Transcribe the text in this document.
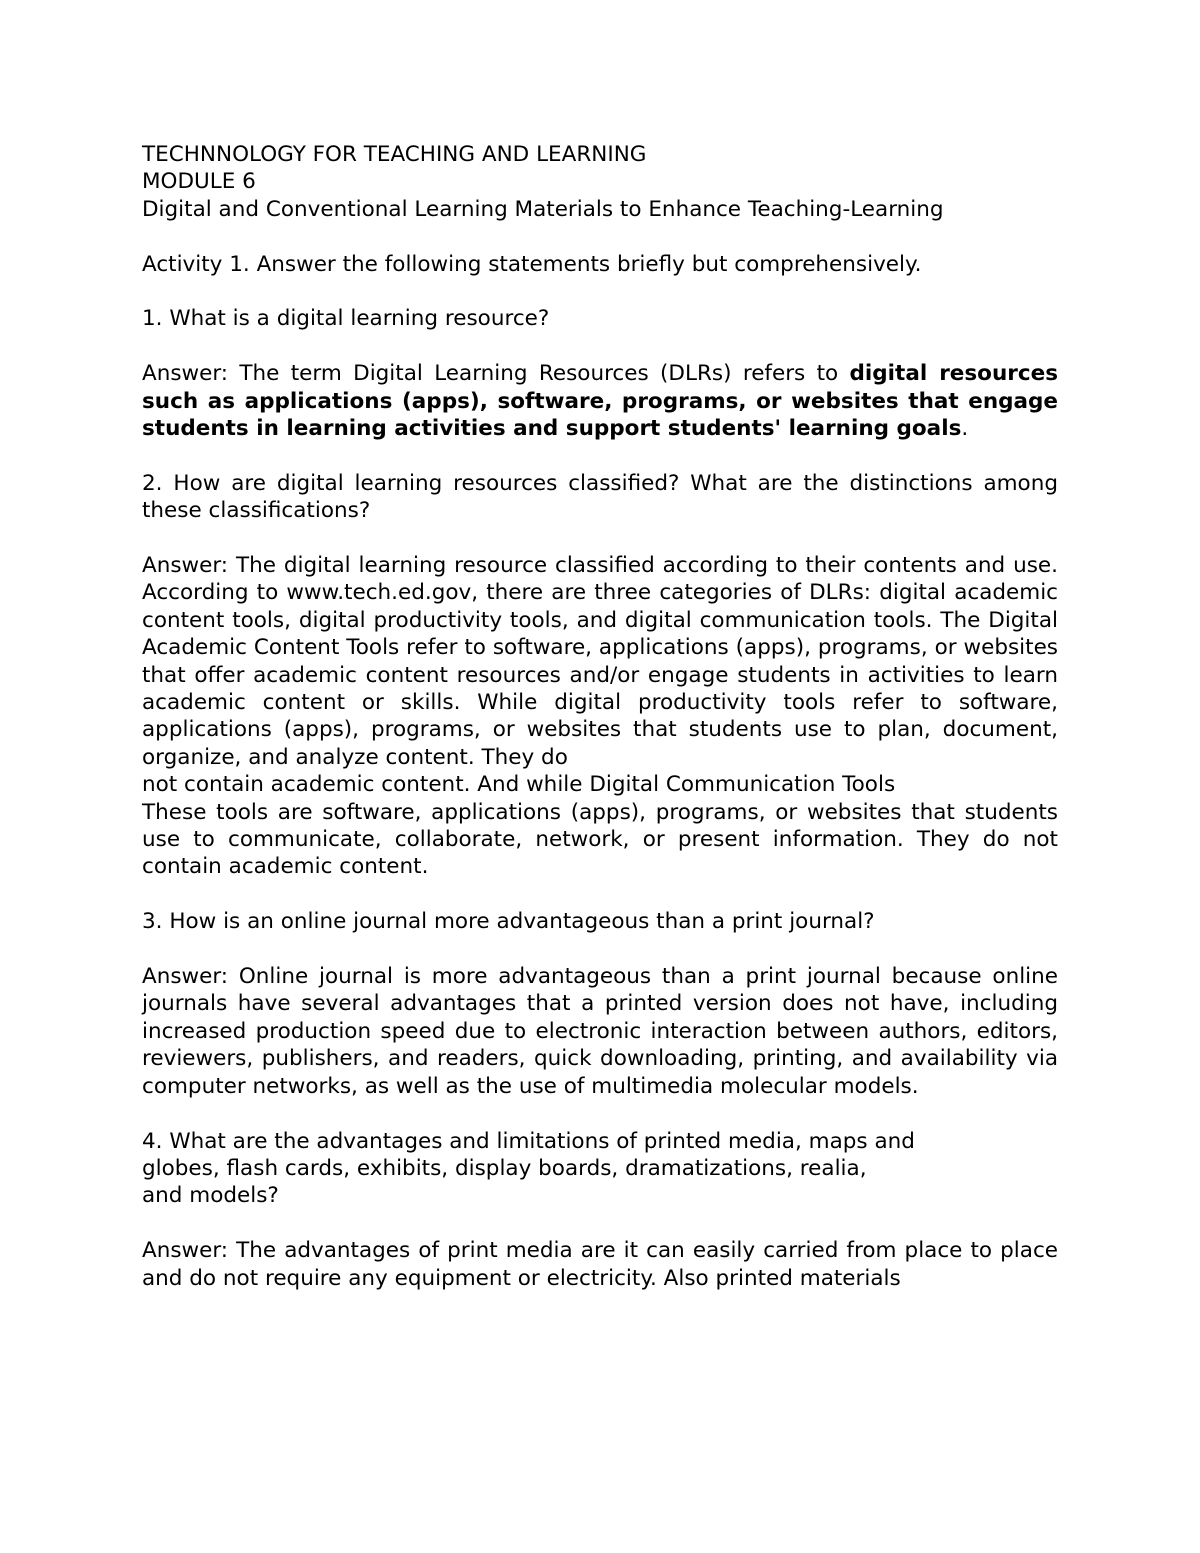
TECHNNOLOGY FOR TEACHING AND LEARNING

MODULE 6

Digital and Conventional Learning Materials to Enhance Teaching-Learning

Activity 1. Answer the following statements briefly but comprehensively.

1. What is a digital learning resource?

Answer: The term Digital Learning Resources (DLRs) refers to digital resources such as applications (apps), software, programs, or websites that engage students in learning activities and support students' learning goals.

2. How are digital learning resources classified? What are the distinctions among these classifications?

Answer: The digital learning resource classified according to their contents and use. According to www.tech.ed.gov, there are three categories of DLRs: digital academic content tools, digital productivity tools, and digital communication tools. The Digital Academic Content Tools refer to software, applications (apps), programs, or websites that offer academic content resources and/or engage students in activities to learn academic content or skills. While digital productivity tools refer to software, applications (apps), programs, or websites that students use to plan, document, organize, and analyze content. They do

not contain academic content. And while Digital Communication Tools

These tools are software, applications (apps), programs, or websites that students use to communicate, collaborate, network, or present information. They do not contain academic content.

3. How is an online journal more advantageous than a print journal?

Answer: Online journal is more advantageous than a print journal because online journals have several advantages that a printed version does not have, including increased production speed due to electronic interaction between authors, editors, reviewers, publishers, and readers, quick downloading, printing, and availability via computer networks, as well as the use of multimedia molecular models.

4. What are the advantages and limitations of printed media, maps and

globes, flash cards, exhibits, display boards, dramatizations, realia,

and models?

Answer: The advantages of print media are it can easily carried from place to place and do not require any equipment or electricity. Also printed materials
